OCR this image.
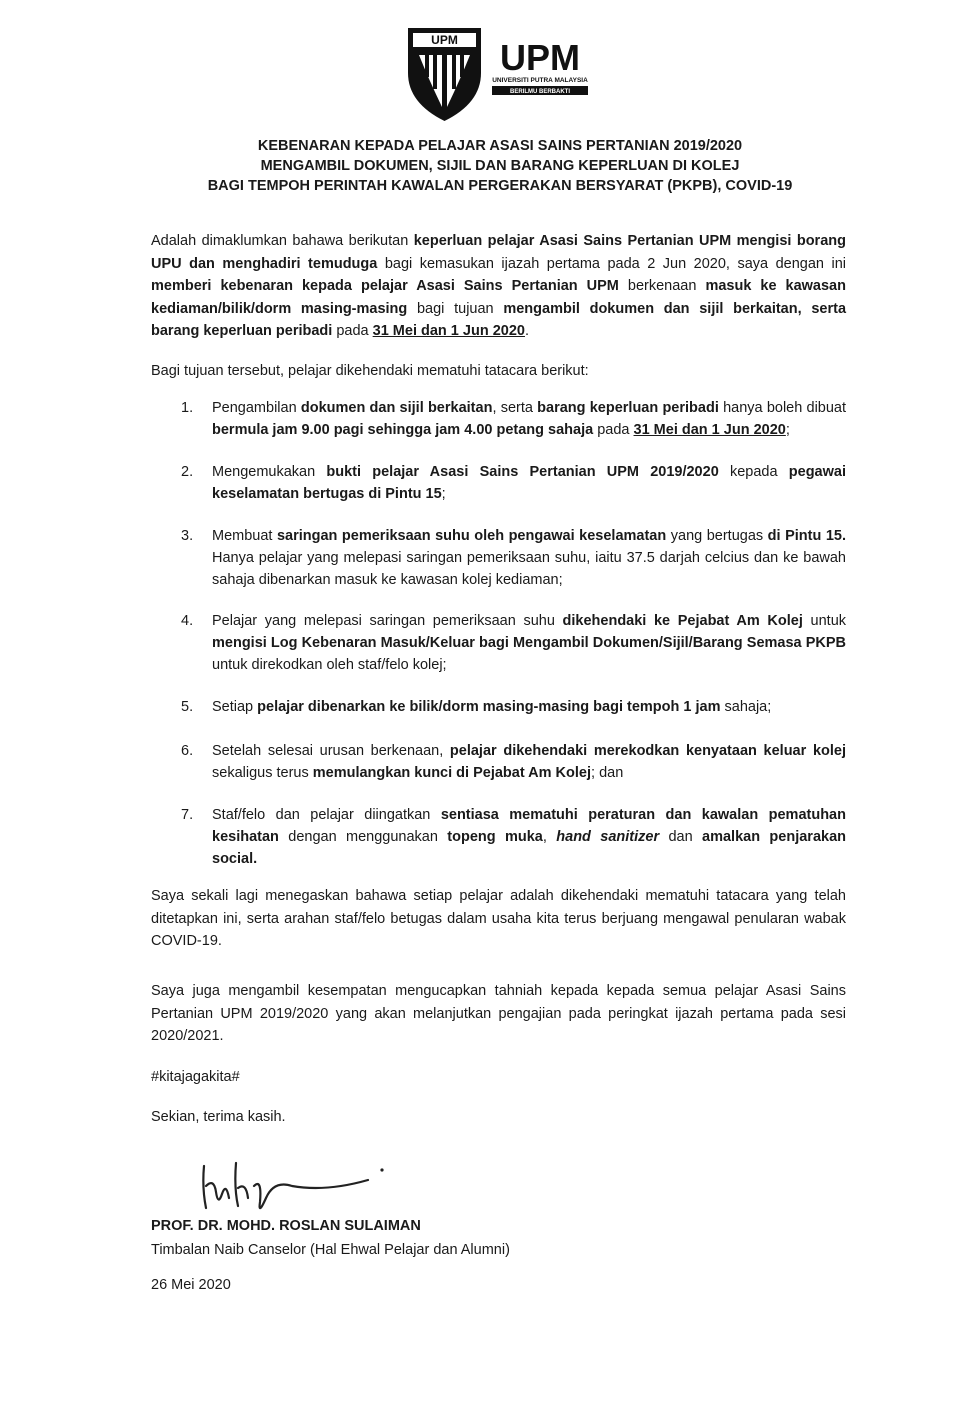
UPM UPM
UNIVERSITI PUTRA MALAYSIA
BERILMU BERBAKTI
KEBENARAN KEPADA PELAJAR ASASI SAINS PERTANIAN 2019/2020
MENGAMBIL DOKUMEN, SIJIL DAN BARANG KEPERLUAN DI KOLEJ
BAGI TEMPOH PERINTAH KAWALAN PERGERAKAN BERSYARAT (PKPB), COVID-19
Adalah dimaklumkan bahawa berikutan keperluan pelajar Asasi Sains Pertanian UPM mengisi borang UPU dan menghadiri temuduga bagi kemasukan ijazah pertama pada 2 Jun 2020, saya dengan ini memberi kebenaran kepada pelajar Asasi Sains Pertanian UPM berkenaan masuk ke kawasan kediaman/bilik/dorm masing-masing bagi tujuan mengambil dokumen dan sijil berkaitan, serta barang keperluan peribadi pada 31 Mei dan 1 Jun 2020.
Bagi tujuan tersebut, pelajar dikehendaki mematuhi tatacara berikut:
1.	Pengambilan dokumen dan sijil berkaitan, serta barang keperluan peribadi hanya boleh dibuat bermula jam 9.00 pagi sehingga jam 4.00 petang sahaja pada 31 Mei dan 1 Jun 2020;
2.	Mengemukakan bukti pelajar Asasi Sains Pertanian UPM 2019/2020 kepada pegawai keselamatan bertugas di Pintu 15;
3.	Membuat saringan pemeriksaan suhu oleh pengawai keselamatan yang bertugas di Pintu 15. Hanya pelajar yang melepasi saringan pemeriksaan suhu, iaitu 37.5 darjah celcius dan ke bawah sahaja dibenarkan masuk ke kawasan kolej kediaman;
4.	Pelajar yang melepasi saringan pemeriksaan suhu dikehendaki ke Pejabat Am Kolej untuk mengisi Log Kebenaran Masuk/Keluar bagi Mengambil Dokumen/Sijil/Barang Semasa PKPB untuk direkodkan oleh staf/felo kolej;
5.	Setiap pelajar dibenarkan ke bilik/dorm masing-masing bagi tempoh 1 jam sahaja;
6.	Setelah selesai urusan berkenaan, pelajar dikehendaki merekodkan kenyataan keluar kolej sekaligus terus memulangkan kunci di Pejabat Am Kolej; dan
7.	Staf/felo dan pelajar diingatkan sentiasa mematuhi peraturan dan kawalan pematuhan kesihatan dengan menggunakan topeng muka, hand sanitizer dan amalkan penjarakan social.
Saya sekali lagi menegaskan bahawa setiap pelajar adalah dikehendaki mematuhi tatacara yang telah ditetapkan ini, serta arahan staf/felo betugas dalam usaha kita terus berjuang mengawal penularan wabak COVID-19.
Saya juga mengambil kesempatan mengucapkan tahniah kepada kepada semua pelajar Asasi Sains Pertanian UPM 2019/2020 yang akan melanjutkan pengajian pada peringkat ijazah pertama pada sesi 2020/2021.
#kitajagakita#
Sekian, terima kasih.
PROF. DR. MOHD. ROSLAN SULAIMAN
Timbalan Naib Canselor (Hal Ehwal Pelajar dan Alumni)
26 Mei 2020
